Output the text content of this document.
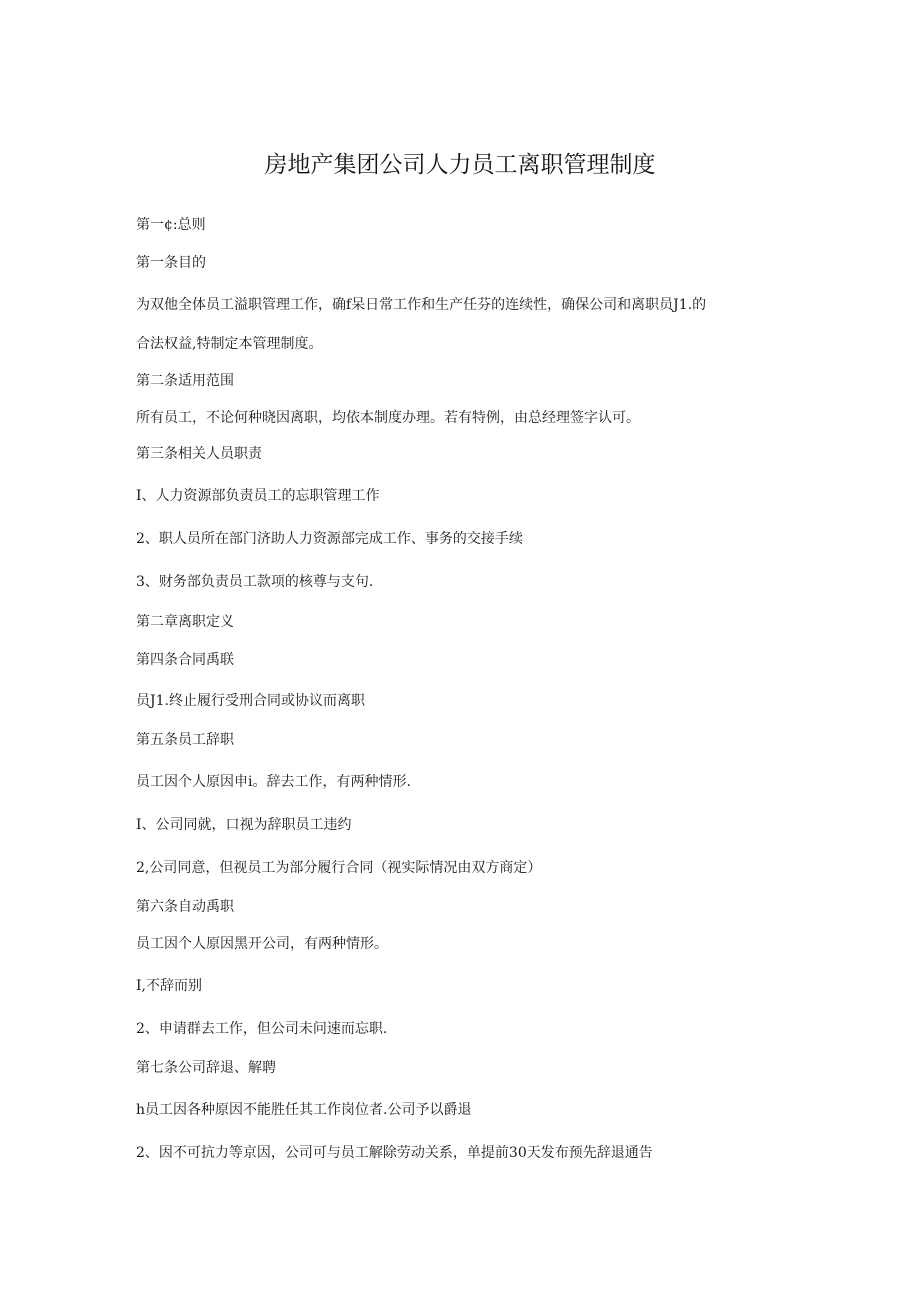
房地产集团公司人力员工离职管理制度
第一¢:总则
第一条目的
为双他全体员工溢职管理工作，确f呆日常工作和生产任芬的连续性，确保公司和离职员J1.的
合法权益,特制定本管理制度。
第二条适用范围
所有员工，不论何种晓因离职，均依本制度办理。若有特例，由总经理签字认可。
第三条相关人员职责
I、人力资源部负责员工的忘职管理工作
2、职人员所在部门济助人力资源部完成工作、事务的交接手续
3、财务部负责员工款项的核尊与支句.
第二章离职定义
第四条合同禹联
员J1.终止履行受刑合同或协议而离职
第五条员工辞职
员工因个人原因申i。辞去工作，有两种情形.
I、公司同就，口视为辞职员工违约
2,公司同意，但视员工为部分履行合同（视实际情况由双方商定）
第六条自动禹职
员工因个人原因黑开公司，有两种情形。
I,不辞而别
2、申请群去工作，但公司未问速而忘职.
第七条公司辞退、解聘
h员工因各种原因不能胜任其工作岗位者.公司予以爵退
2、因不可抗力等京因，公司可与员工解除劳动关系，单提前30天发布预先辞退通告
